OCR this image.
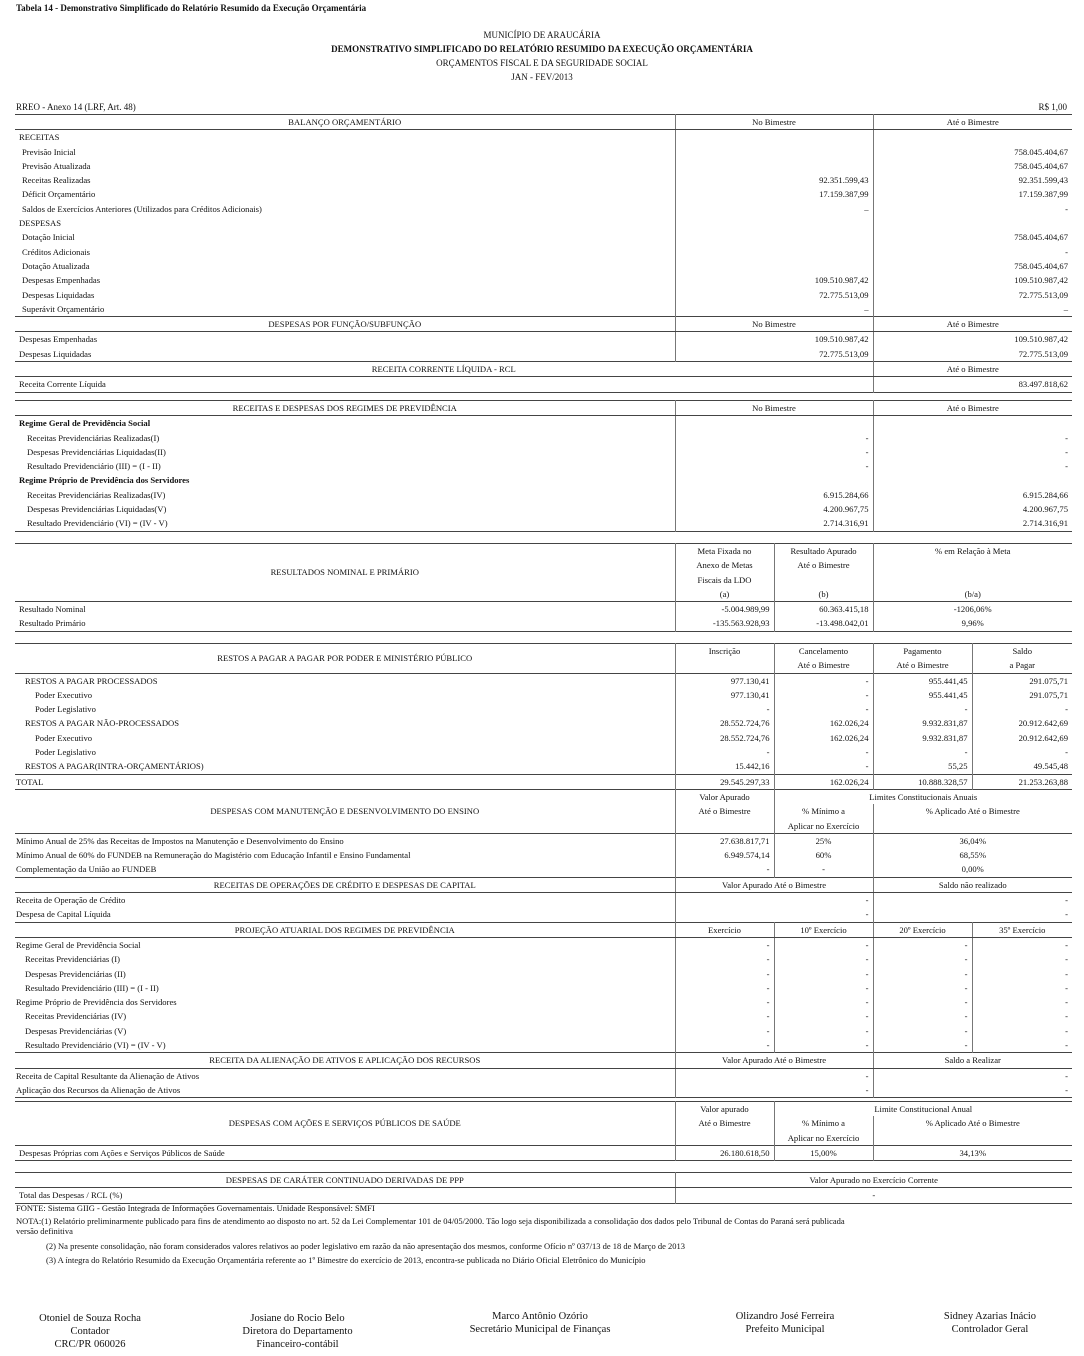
Tabela 14 - Demonstrativo Simplificado do Relatório Resumido da Execução Orçamentária
MUNICÍPIO DE ARAUCÁRIA
DEMONSTRATIVO SIMPLIFICADO DO RELATÓRIO RESUMIDO DA EXECUÇÃO ORÇAMENTÁRIA
ORÇAMENTOS FISCAL E DA SEGURIDADE SOCIAL
JAN - FEV/2013
RREO - Anexo 14 (LRF, Art. 48)	R$ 1,00
BALANÇO ORÇAMENTÁRIO	No Bimestre	Até o Bimestre
RECEITAS		
Previsão Inicial		758.045.404,67
Previsão Atualizada		758.045.404,67
Receitas Realizadas	92.351.599,43	92.351.599,43
Déficit Orçamentário	17.159.387,99	17.159.387,99
Saldos de Exercícios Anteriores (Utilizados para Créditos Adicionais)	–	-
DESPESAS		
Dotação Inicial		758.045.404,67
Créditos Adicionais		-
Dotação Atualizada		758.045.404,67
Despesas Empenhadas	109.510.987,42	109.510.987,42
Despesas Liquidadas	72.775.513,09	72.775.513,09
Superávit Orçamentário	–	–
DESPESAS POR FUNÇÃO/SUBFUNÇÃO	No Bimestre	Até o Bimestre
Despesas Empenhadas	109.510.987,42	109.510.987,42
Despesas Liquidadas	72.775.513,09	72.775.513,09
RECEITA CORRENTE LÍQUIDA - RCL		Até o Bimestre
Receita Corrente Líquida		83.497.818,62
RECEITAS E DESPESAS DOS REGIMES DE PREVIDÊNCIA	No Bimestre	Até o Bimestre
Regime Geral de Previdência Social		
Receitas Previdenciárias Realizadas(I)	-	-
Despesas Previdenciárias Liquidadas(II)	-	-
Resultado Previdenciário (III) = (I - II)	-	-
Regime Próprio de Previdência dos Servidores		
Receitas Previdenciárias Realizadas(IV)	6.915.284,66	6.915.284,66
Despesas Previdenciárias Liquidadas(V)	4.200.967,75	4.200.967,75
Resultado Previdenciário (VI) = (IV - V)	2.714.316,91	2.714.316,91
RESULTADOS NOMINAL E PRIMÁRIO	Meta Fixada no	Resultado Apurado	% em Relação à Meta
	Anexo de Metas	Até o Bimestre	
	Fiscais da LDO		
	(a)	(b)	(b/a)
Resultado Nominal	-5.004.989,99	60.363.415,18	-1206,06%
Resultado Primário	-135.563.928,93	-13.498.042,01	9,96%
RESTOS A PAGAR A PAGAR POR PODER E MINISTÉRIO PÚBLICO	Inscrição	Cancelamento	Pagamento	Saldo
		Até o Bimestre	Até o Bimestre	a Pagar
RESTOS A PAGAR PROCESSADOS	977.130,41	-	955.441,45	291.075,71
Poder Executivo	977.130,41	-	955.441,45	291.075,71
Poder Legislativo	-	-	-	-
RESTOS A PAGAR NÃO-PROCESSADOS	28.552.724,76	162.026,24	9.932.831,87	20.912.642,69
Poder Executivo	28.552.724,76	162.026,24	9.932.831,87	20.912.642,69
Poder Legislativo	-	-	-	-
RESTOS A PAGAR(INTRA-ORÇAMENTÁRIOS)	15.442,16	-	55,25	49.545,48
TOTAL	29.545.297,33	162.026,24	10.888.328,57	21.253.263,88
DESPESAS COM MANUTENÇÃO E DESENVOLVIMENTO DO ENSINO	Valor Apurado	Limites Constitucionais Anuais		
	Até o Bimestre	% Mínimo a	% Aplicado Até o Bimestre	
		Aplicar no Exercício		
Mínimo Anual de 25% das Receitas de Impostos na Manutenção e Desenvolvimento do Ensino	27.638.817,71	25%	36,04%	
Mínimo Anual de 60% do FUNDEB na Remuneração do Magistério com Educação Infantil e Ensino Fundamental	6.949.574,14	60%	68,55%	
Complementação da União ao FUNDEB	-	-	0,00%	
RECEITAS DE OPERAÇÕES DE CRÉDITO E DESPESAS DE CAPITAL	Valor Apurado Até o Bimestre		Saldo não realizado	
Receita de Operação de Crédito	-		-	
Despesa de Capital Líquida	-		-	
PROJEÇÃO ATUARIAL DOS REGIMES DE PREVIDÊNCIA	Exercício	10º Exercício	20º Exercício	35º Exercício
Regime Geral de Previdência Social	-	-	-	-
Receitas Previdenciárias (I)	-	-	-	-
Despesas Previdenciárias (II)	-	-	-	-
Resultado Previdenciário (III) = (I - II)	-	-	-	-
Regime Próprio de Previdência dos Servidores	-	-	-	-
Receitas Previdenciárias (IV)	-	-	-	-
Despesas Previdenciárias (V)	-	-	-	-
Resultado Previdenciário (VI) = (IV - V)	-	-	-	-
RECEITA DA ALIENAÇÃO DE ATIVOS E APLICAÇÃO DOS RECURSOS	Valor Apurado Até o Bimestre		Saldo a Realizar	
Receita de Capital Resultante da Alienação de Ativos	-		-	
Aplicação dos Recursos da Alienação de Ativos	-		-	
DESPESAS COM AÇÕES E SERVIÇOS PÚBLICOS DE SAÚDE	Valor apurado	Limite Constitucional Anual	
	Até o Bimestre	% Mínimo a	% Aplicado Até o Bimestre
		Aplicar no Exercício	
Despesas Próprias com Ações e Serviços Públicos de Saúde	26.180.618,50	15,00%	34,13%
DESPESAS DE CARÁTER CONTINUADO DERIVADAS DE PPP	Valor Apurado no Exercício Corrente
Total das Despesas / RCL (%)	-
FONTE: Sistema GIIG - Gestão Integrada de Informações Governamentais. Unidade Responsável: SMFI
NOTA:(1) Relatório preliminarmente publicado para fins de atendimento ao disposto no art. 52 da Lei Complementar 101 de 04/05/2000. Tão logo seja disponibilizada a consolidação dos dados pelo Tribunal de Contas do Paraná será publicada
versão definitiva
(2) Na presente consolidação, não foram considerados valores relativos ao poder legislativo em razão da não apresentação dos mesmos, conforme Ofício nº 037/13 de 18 de Março de 2013
(3) A íntegra do Relatório Resumido da Execução Orçamentária referente ao 1º Bimestre do exercício de 2013, encontra-se publicada no Diário Oficial Eletrônico do Município
Otoniel de Souza Rocha
Contador
CRC/PR 060026
Josiane do Rocio Belo
Diretora do Departamento
Financeiro-contábil
Marco Antônio Ozório
Secretário Municipal de Finanças
Olizandro José Ferreira
Prefeito Municipal
Sidney Azarias Inácio
Controlador Geral
